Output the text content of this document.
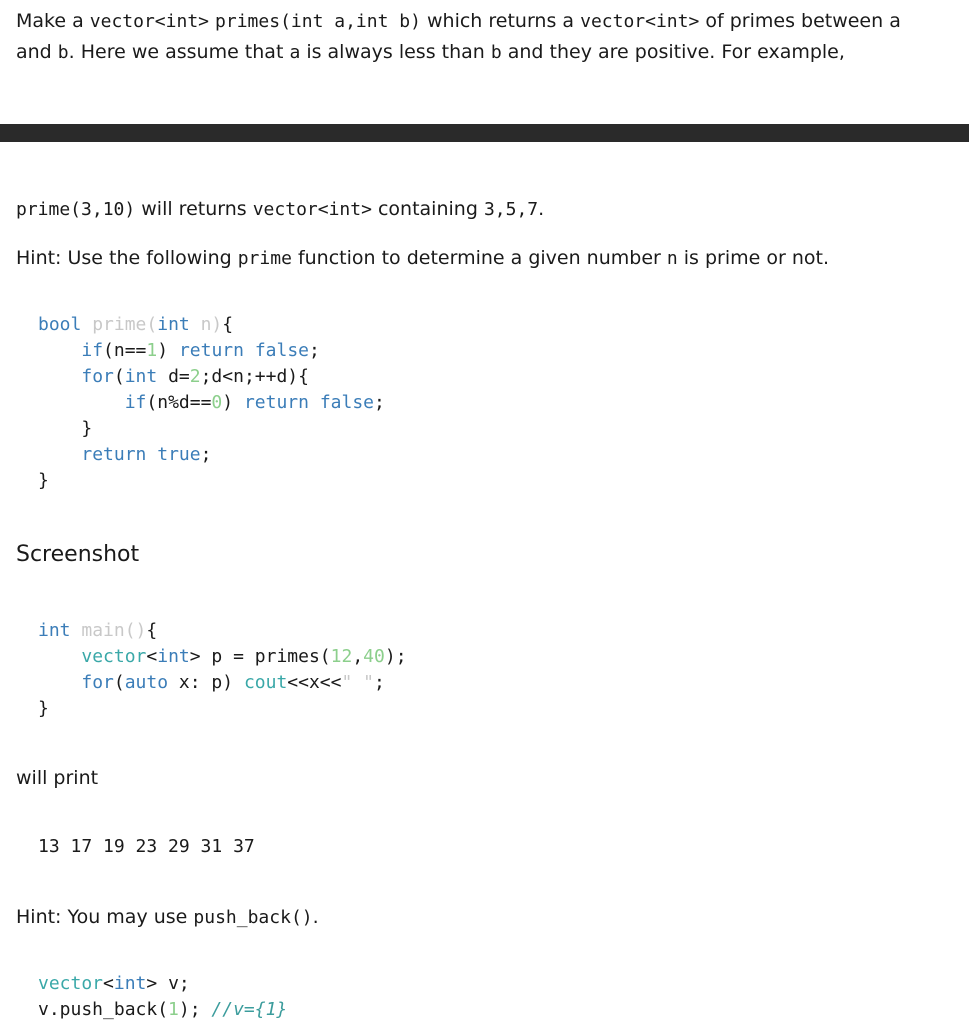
Make a vector<int> primes(int a,int b) which returns a vector<int> of primes between a
and b. Here we assume that a is always less than b and they are positive. For example,

prime(3,10) will returns vector<int> containing 3,5,7.

Hint: Use the following prime function to determine a given number n is prime or not.

bool prime(int n){
if(n==1) return false;
for(int d=2;d<n;++d){
if(n%d==0) return false;
}
return true;
}
Screenshot
int main(){
vector<int> p = primes(12,40);
for(auto x: p) cout<<x<<" ";
}

will print

13 17 19 23 29 31 37

Hint: You may use push_back().

vector<int> v;
v.push_back(1); //v={1}
